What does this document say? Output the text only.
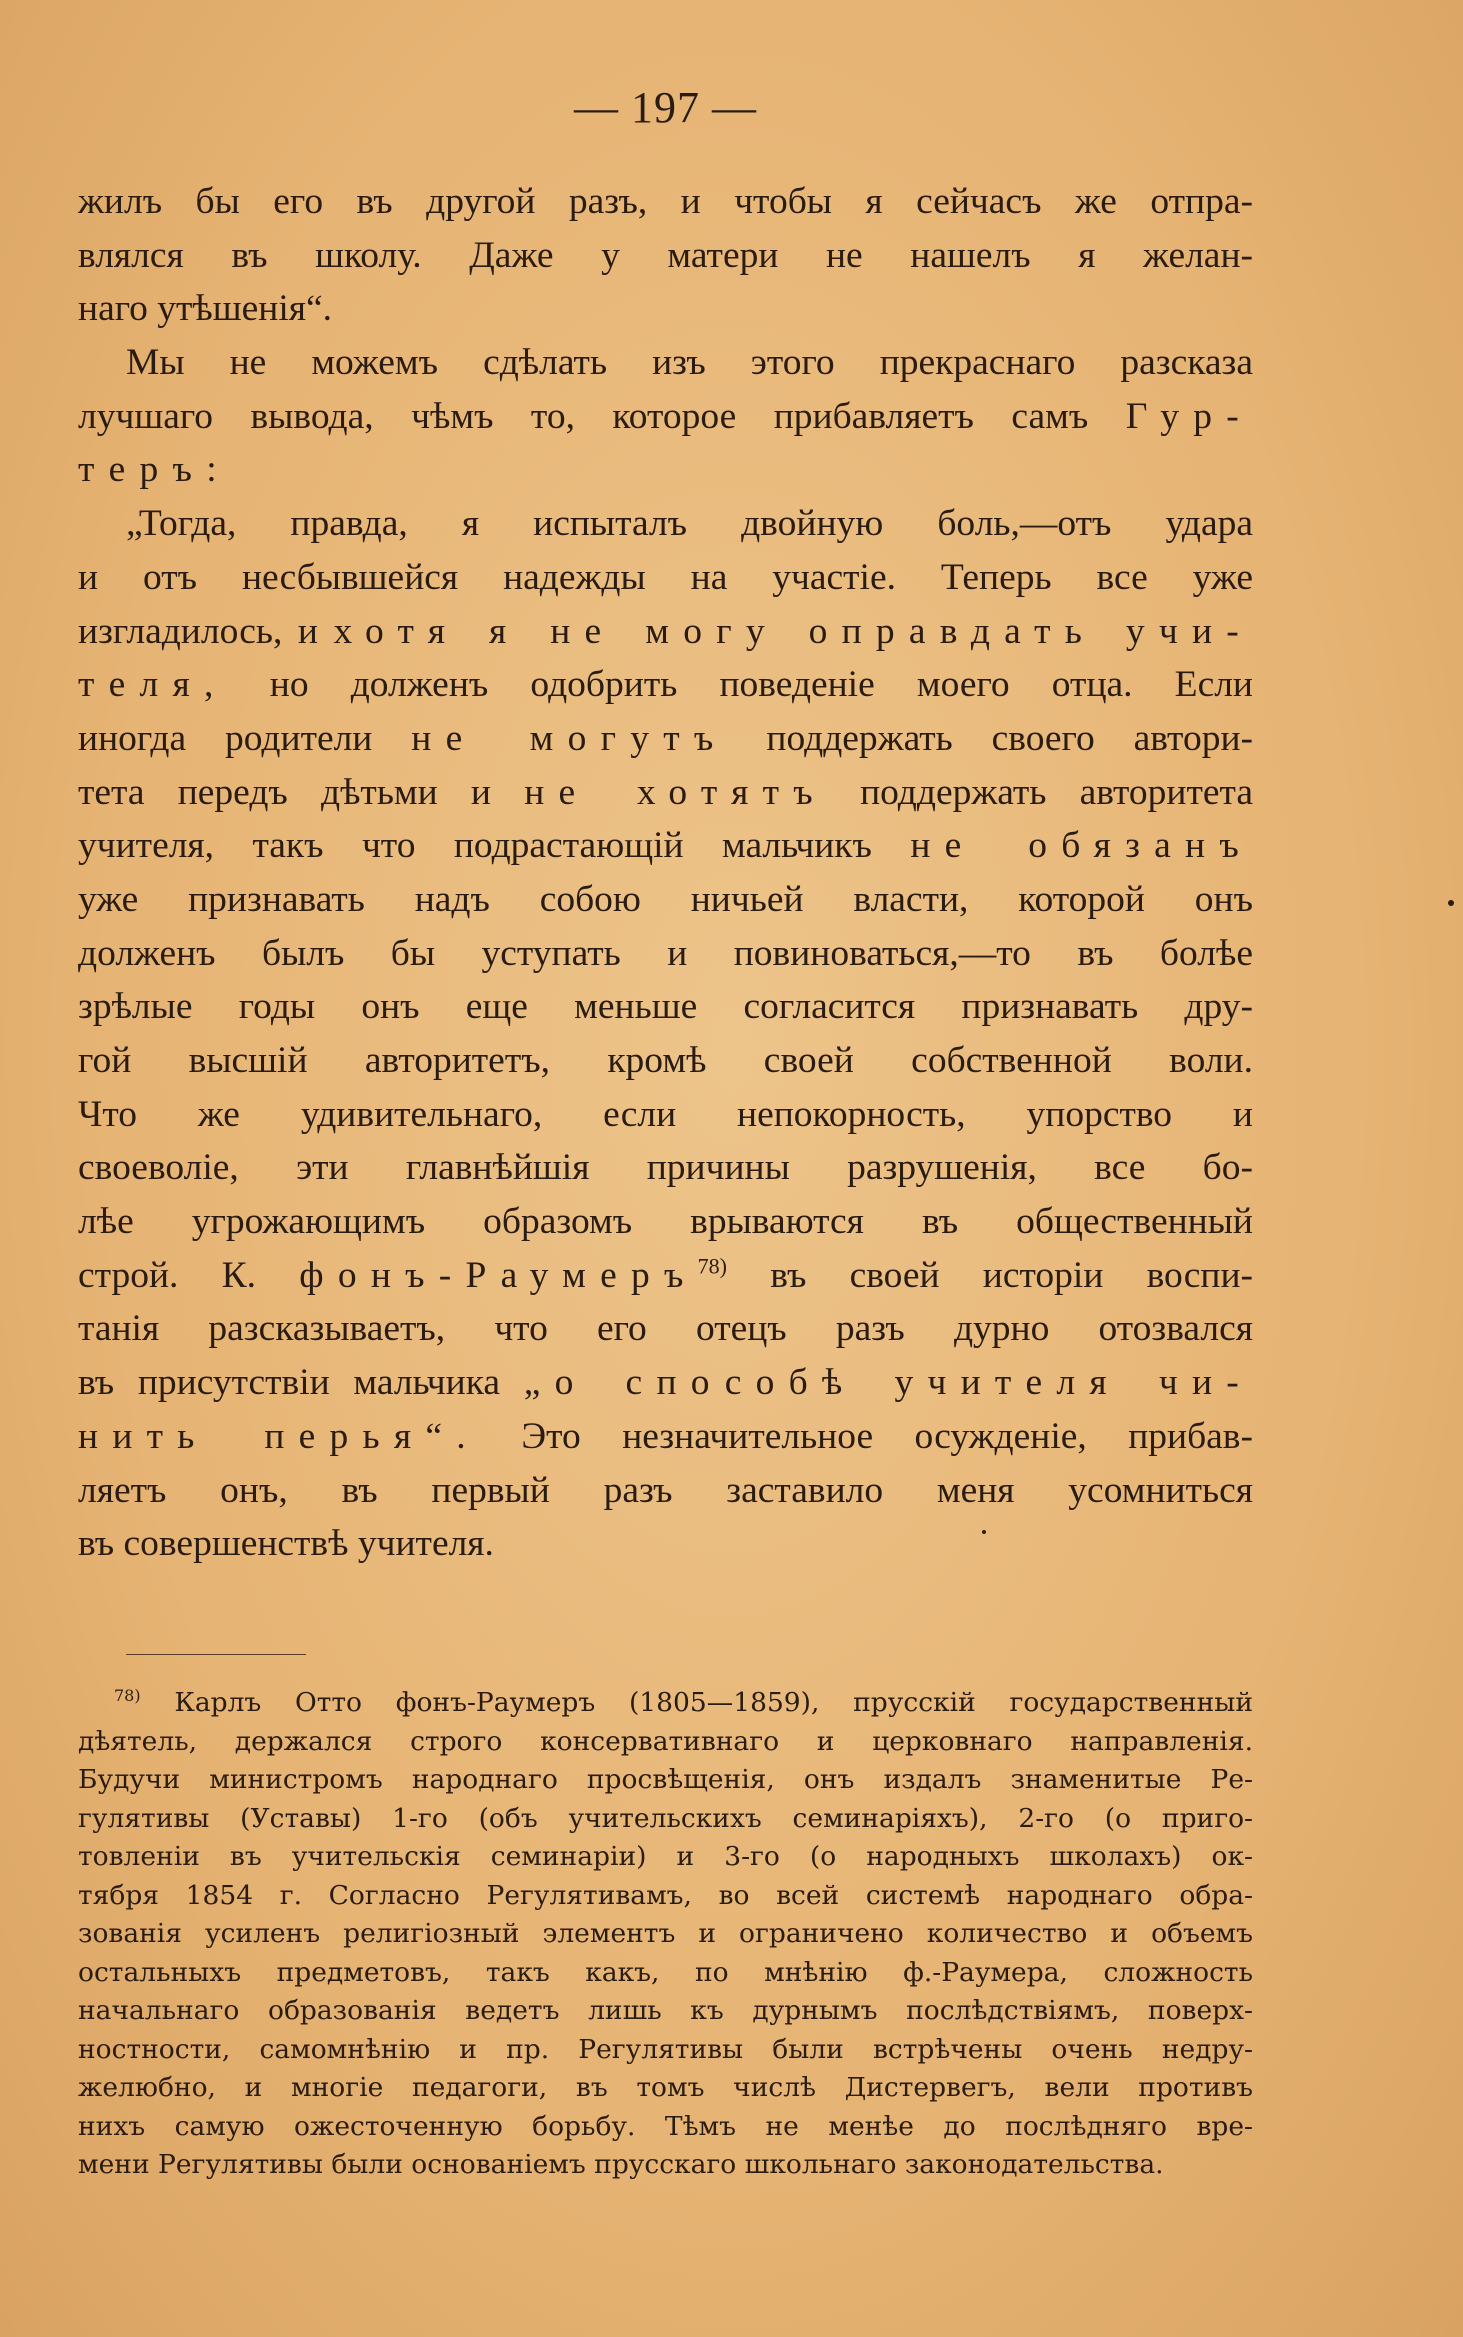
— 197 —

жилъ бы его въ другой разъ, и чтобы я сейчасъ же отпра-
влялся въ школу. Даже у матери не нашелъ я желан-
наго утѣшенія“.

Мы не можемъ сдѣлать изъ этого прекраснаго разсказа
лучшаго вывода, чѣмъ то, которое прибавляетъ самъ Гур-
теръ:

„Тогда, правда, я испыталъ двойную боль,—отъ удара
и отъ несбывшейся надежды на участіе. Теперь все уже
изгладилось, и хотя я не могу оправдать учи-
теля, но долженъ одобрить поведеніе моего отца. Если
иногда родители не могутъ поддержать своего автори-
тета передъ дѣтьми и не хотятъ поддержать авторитета
учителя, такъ что подрастающій мальчикъ не обязанъ
уже признавать надъ собою ничьей власти, которой онъ
долженъ былъ бы уступать и повиноваться,—то въ болѣе
зрѣлые годы онъ еще меньше согласится признавать дру-
гой высшій авторитетъ, кромѣ своей собственной воли.
Что же удивительнаго, если непокорность, упорство и
своеволіе, эти главнѣйшія причины разрушенія, все бо-
лѣе угрожающимъ образомъ врываются въ общественный
строй. К. фонъ-Раумеръ$^{78)}$ въ своей исторіи воспи-
танія разсказываетъ, что его отецъ разъ дурно отозвался
въ присутствіи мальчика „о способѣ учителя чи-
нить перья“. Это незначительное осужденіе, прибав-
ляетъ онъ, въ первый разъ заставило меня усомниться
въ совершенствѣ учителя.

$^{78)}$ Карлъ Отто фонъ-Раумеръ (1805—1859), прусскій государственный
дѣятель, держался строго консервативнаго и церковнаго направленія.
Будучи министромъ народнаго просвѣщенія, онъ издалъ знаменитые Ре-
гулятивы (Уставы) 1-го (объ учительскихъ семинаріяхъ), 2-го (о приго-
товленіи въ учительскія семинаріи) и 3-го (о народныхъ школахъ) ок-
тября 1854 г. Согласно Регулятивамъ, во всей системѣ народнаго обра-
зованія усиленъ религіозный элементъ и ограничено количество и объемъ
остальныхъ предметовъ, такъ какъ, по мнѣнію ф.-Раумера, сложность
начальнаго образованія ведетъ лишь къ дурнымъ послѣдствіямъ, поверх-
ностности, самомнѣнію и пр. Регулятивы были встрѣчены очень недру-
желюбно, и многіе педагоги, въ томъ числѣ Дистервегъ, вели противъ
нихъ самую ожесточенную борьбу. Тѣмъ не менѣе до послѣдняго вре-
мени Регулятивы были основаніемъ прусскаго школьнаго законодательства.
